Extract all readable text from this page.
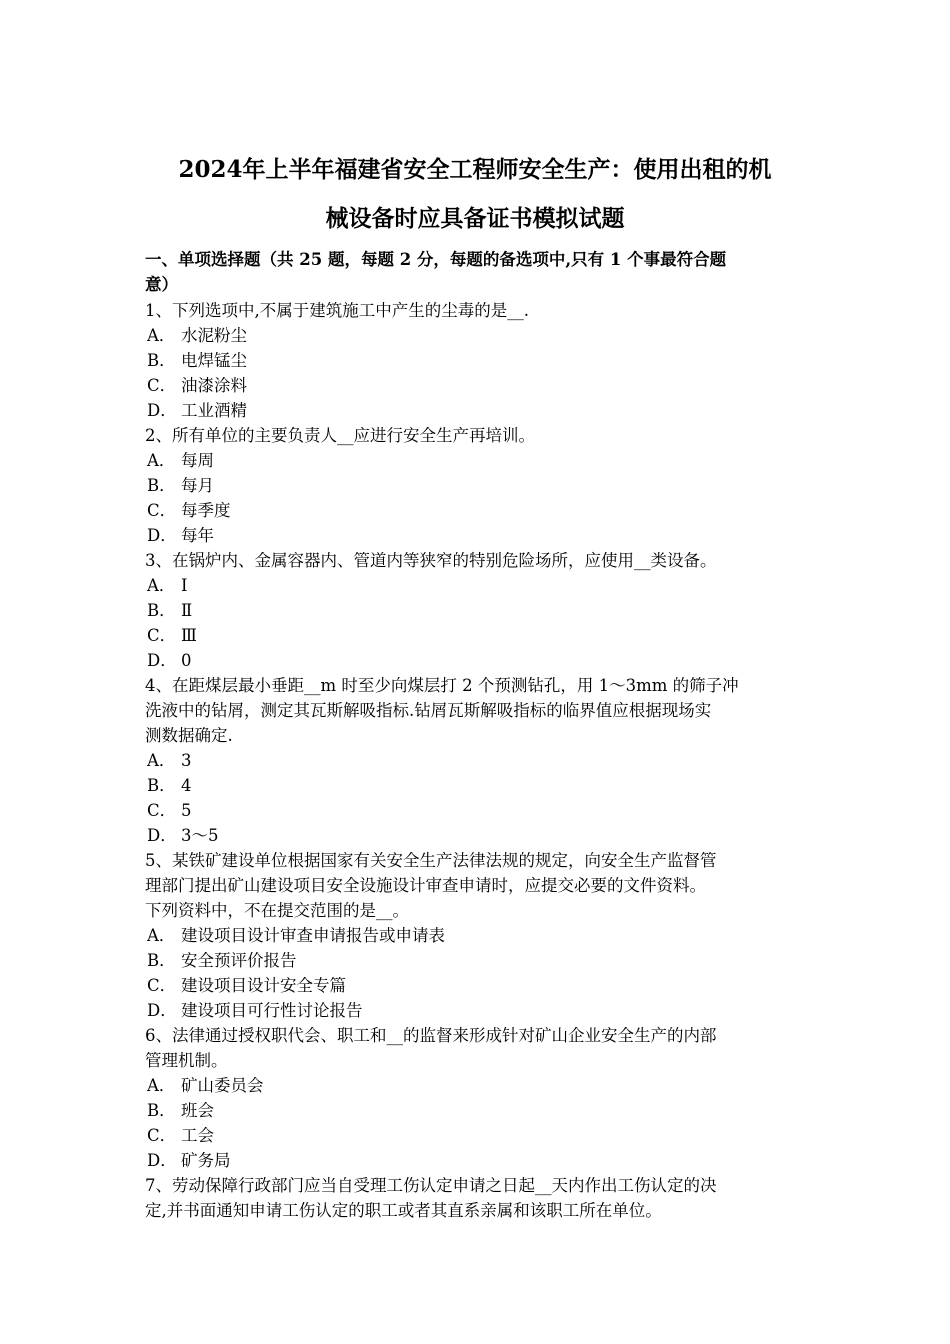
2024年上半年福建省安全工程师安全生产：使用出租的机
械设备时应具备证书模拟试题
一、单项选择题（共 25 题，每题 2 分，每题的备选项中,只有 1 个事最符合题
意）
1、下列选项中,不属于建筑施工中产生的尘毒的是__.
A． 水泥粉尘
B． 电焊锰尘
C． 油漆涂料
D． 工业酒精
2、所有单位的主要负责人__应进行安全生产再培训。
A． 每周
B． 每月
C． 每季度
D． 每年
3、在锅炉内、金属容器内、管道内等狭窄的特别危险场所，应使用__类设备。
A． Ⅰ
B． Ⅱ
C． Ⅲ
D． 0
4、在距煤层最小垂距__m 时至少向煤层打 2 个预测钻孔，用 1～3mm 的筛子冲
洗液中的钻屑，测定其瓦斯解吸指标.钻屑瓦斯解吸指标的临界值应根据现场实
测数据确定.
A． 3
B． 4
C． 5
D． 3～5
5、某铁矿建设单位根据国家有关安全生产法律法规的规定，向安全生产监督管
理部门提出矿山建设项目安全设施设计审查申请时，应提交必要的文件资料。
下列资料中，不在提交范围的是__。
A． 建设项目设计审查申请报告或申请表
B． 安全预评价报告
C． 建设项目设计安全专篇
D． 建设项目可行性讨论报告
6、法律通过授权职代会、职工和__的监督来形成针对矿山企业安全生产的内部
管理机制。
A． 矿山委员会
B． 班会
C． 工会
D． 矿务局
7、劳动保障行政部门应当自受理工伤认定申请之日起__天内作出工伤认定的决
定,并书面通知申请工伤认定的职工或者其直系亲属和该职工所在单位。
